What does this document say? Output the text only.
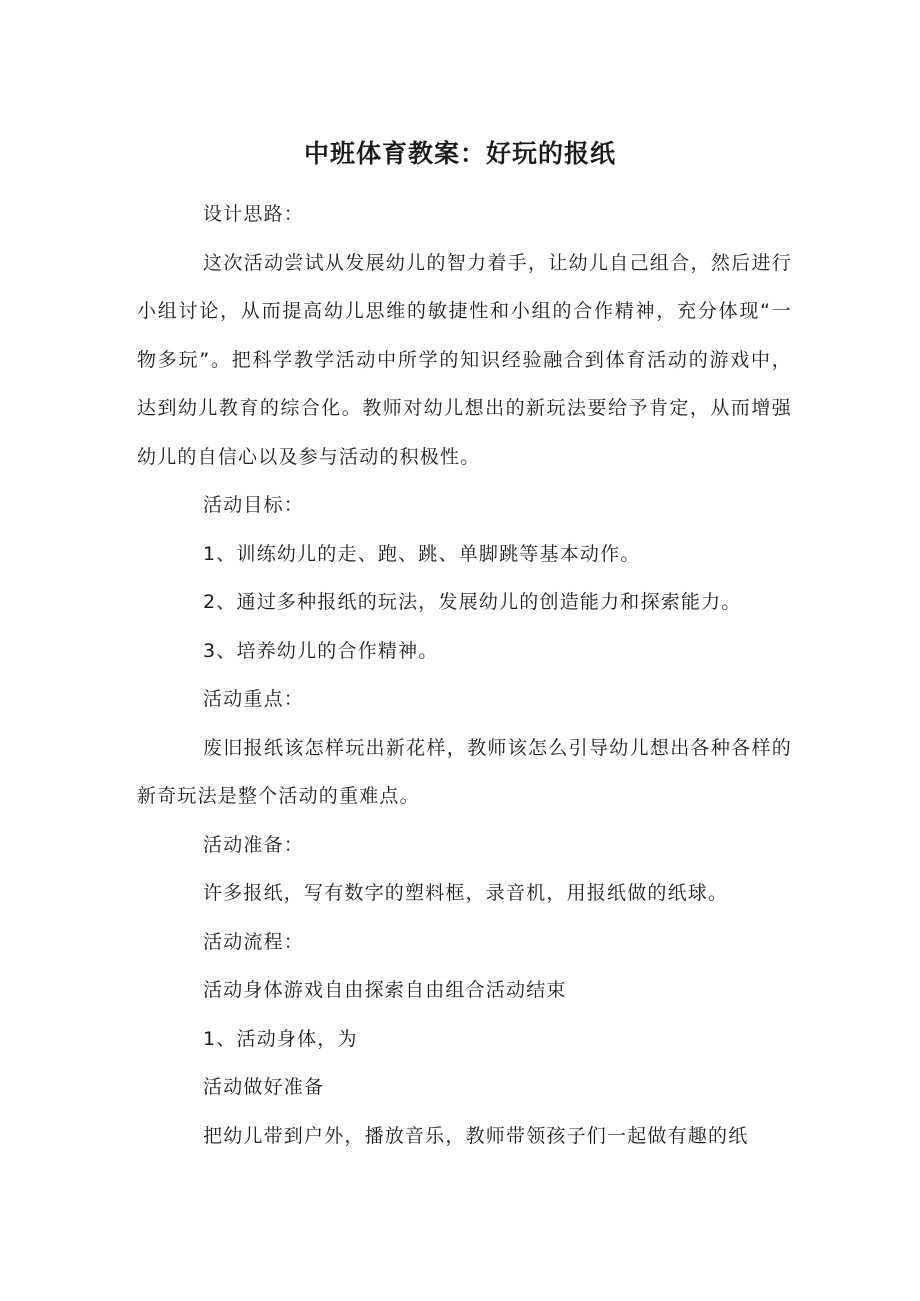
中班体育教案：好玩的报纸

设计思路：

这次活动尝试从发展幼儿的智力着手，让幼儿自己组合，然后进行小组讨论，从而提高幼儿思维的敏捷性和小组的合作精神，充分体现“一物多玩”。把科学教学活动中所学的知识经验融合到体育活动的游戏中，达到幼儿教育的综合化。教师对幼儿想出的新玩法要给予肯定，从而增强幼儿的自信心以及参与活动的积极性。

活动目标：

1、训练幼儿的走、跑、跳、单脚跳等基本动作。

2、通过多种报纸的玩法，发展幼儿的创造能力和探索能力。

3、培养幼儿的合作精神。

活动重点：

废旧报纸该怎样玩出新花样，教师该怎么引导幼儿想出各种各样的新奇玩法是整个活动的重难点。

活动准备：

许多报纸，写有数字的塑料框，录音机，用报纸做的纸球。

活动流程：

活动身体游戏自由探索自由组合活动结束

1、活动身体，为

活动做好准备

把幼儿带到户外，播放音乐，教师带领孩子们一起做有趣的纸
